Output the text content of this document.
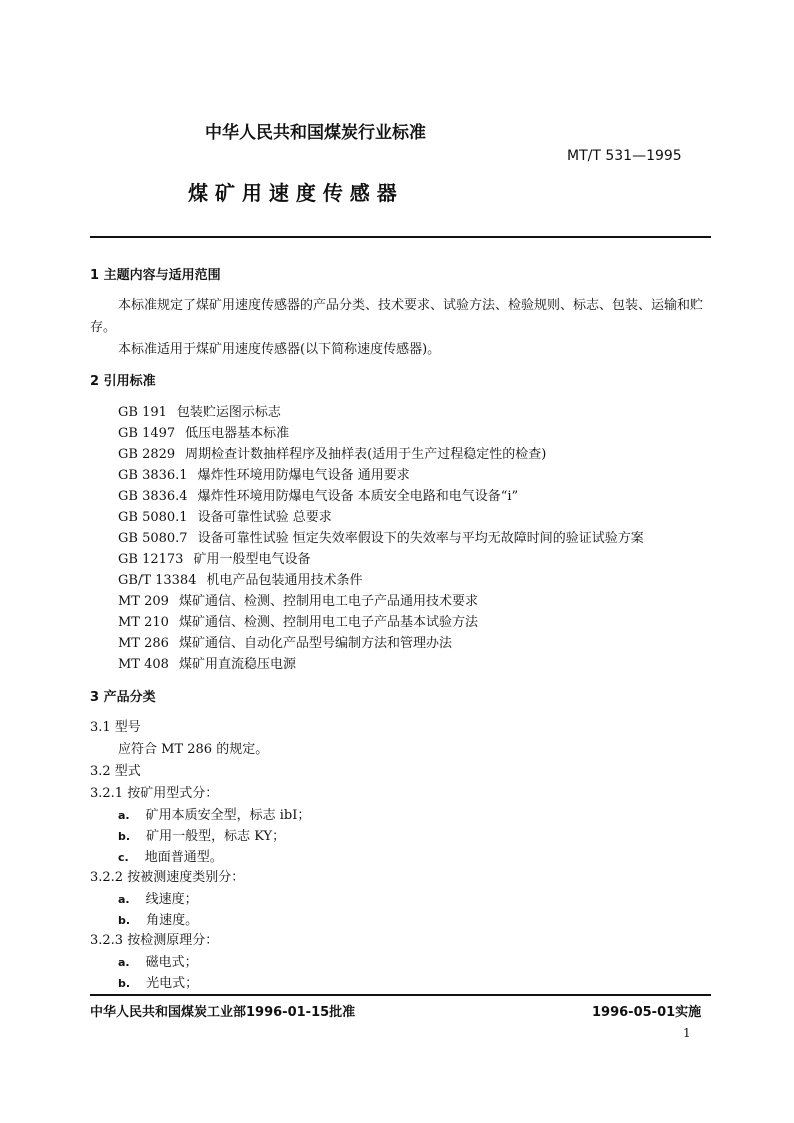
中华人民共和国煤炭行业标准
MT/T 531—1995
煤 矿 用 速 度 传 感 器
1 主题内容与适用范围
本标准规定了煤矿用速度传感器的产品分类、技术要求、试验方法、检验规则、标志、包装、运输和贮
存。
本标准适用于煤矿用速度传感器(以下简称速度传感器)。
2 引用标准
GB 191 包装贮运图示标志
GB 1497 低压电器基本标准
GB 2829 周期检查计数抽样程序及抽样表(适用于生产过程稳定性的检查)
GB 3836.1 爆炸性环境用防爆电气设备 通用要求
GB 3836.4 爆炸性环境用防爆电气设备 本质安全电路和电气设备“i”
GB 5080.1 设备可靠性试验 总要求
GB 5080.7 设备可靠性试验 恒定失效率假设下的失效率与平均无故障时间的验证试验方案
GB 12173 矿用一般型电气设备
GB/T 13384 机电产品包装通用技术条件
MT 209 煤矿通信、检测、控制用电工电子产品通用技术要求
MT 210 煤矿通信、检测、控制用电工电子产品基本试验方法
MT 286 煤矿通信、自动化产品型号编制方法和管理办法
MT 408 煤矿用直流稳压电源
3 产品分类
3.1 型号
应符合 MT 286 的规定。
3.2 型式
3.2.1 按矿用型式分：
a. 矿用本质安全型，标志 ibI；
b. 矿用一般型，标志 KY；
c. 地面普通型。
3.2.2 按被测速度类别分：
a. 线速度；
b. 角速度。
3.2.3 按检测原理分：
a. 磁电式；
b. 光电式；
中华人民共和国煤炭工业部1996-01-15批准	1996-05-01实施
1
